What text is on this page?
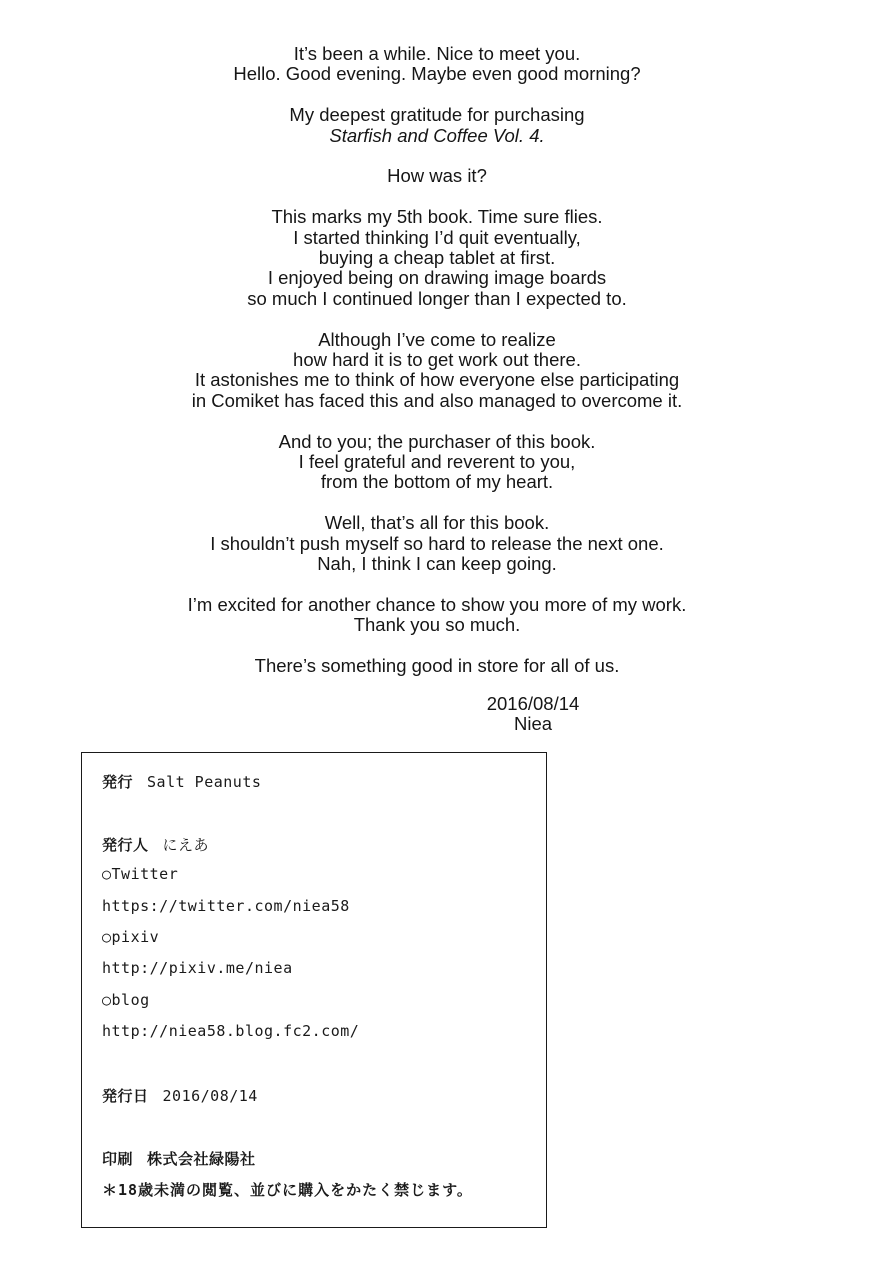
It’s been a while. Nice to meet you.
Hello. Good evening. Maybe even good morning?

My deepest gratitude for purchasing
Starfish and Coffee Vol. 4.

How was it?

This marks my 5th book. Time sure flies.
I started thinking I’d quit eventually,
buying a cheap tablet at first.
I enjoyed being on drawing image boards
so much I continued longer than I expected to.

Although I’ve come to realize
how hard it is to get work out there.
It astonishes me to think of how everyone else participating
in Comiket has faced this and also managed to overcome it.

And to you; the purchaser of this book.
I feel grateful and reverent to you,
from the bottom of my heart.

Well, that’s all for this book.
I shouldn’t push myself so hard to release the next one.
Nah, I think I can keep going.

I’m excited for another chance to show you more of my work.
Thank you so much.

There’s something good in store for all of us.

2016/08/14
Niea
発行 Salt Peanuts
発行人 にえあ
○Twitter
https://twitter.com/niea58
○pixiv
http://pixiv.me/niea
○blog
http://niea58.blog.fc2.com/
発行日 2016/08/14
印刷 株式会社緑陽社
＊18歳未満の閲覧、並びに購入をかたく禁じます。
